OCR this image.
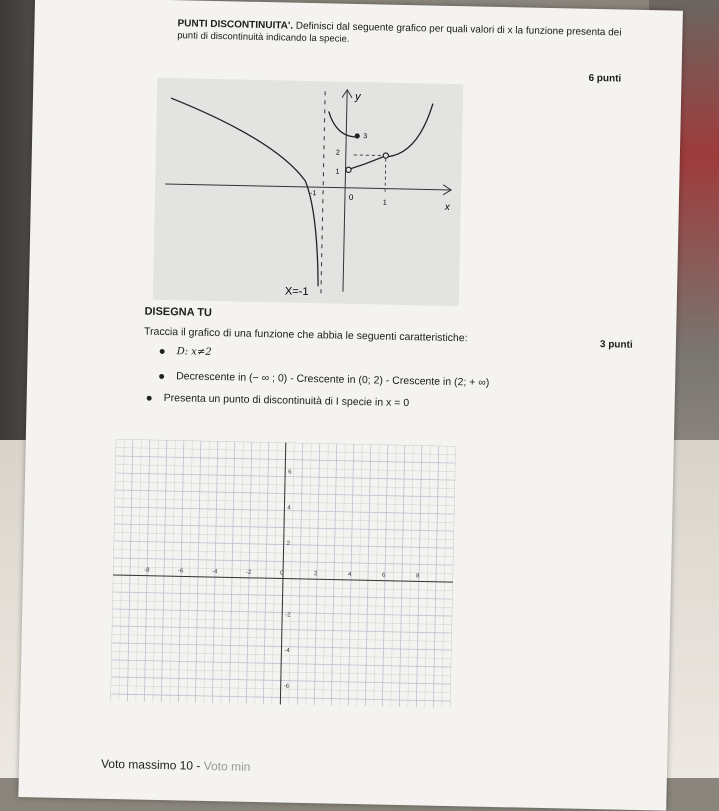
PUNTI DISCONTINUITA'. Definisci dal seguente grafico per quali valori di x la funzione presenta dei
punti di discontinuità indicando la specie.
6 punti
y
x
3
2
1
0
-1
1
X=-1
DISEGNA TU
Traccia il grafico di una funzione che abbia le seguenti caratteristiche:
3 punti
D: x≠2
Decrescente in (− ∞ ; 0) - Crescente in (0; 2) - Crescente in (2; + ∞)
Presenta un punto di discontinuità di I specie in x = 0
-8	-6	-4	-2	0	2	4	6	8
6
4
2
-2
-4
-6
Voto massimo 10 - Voto min
